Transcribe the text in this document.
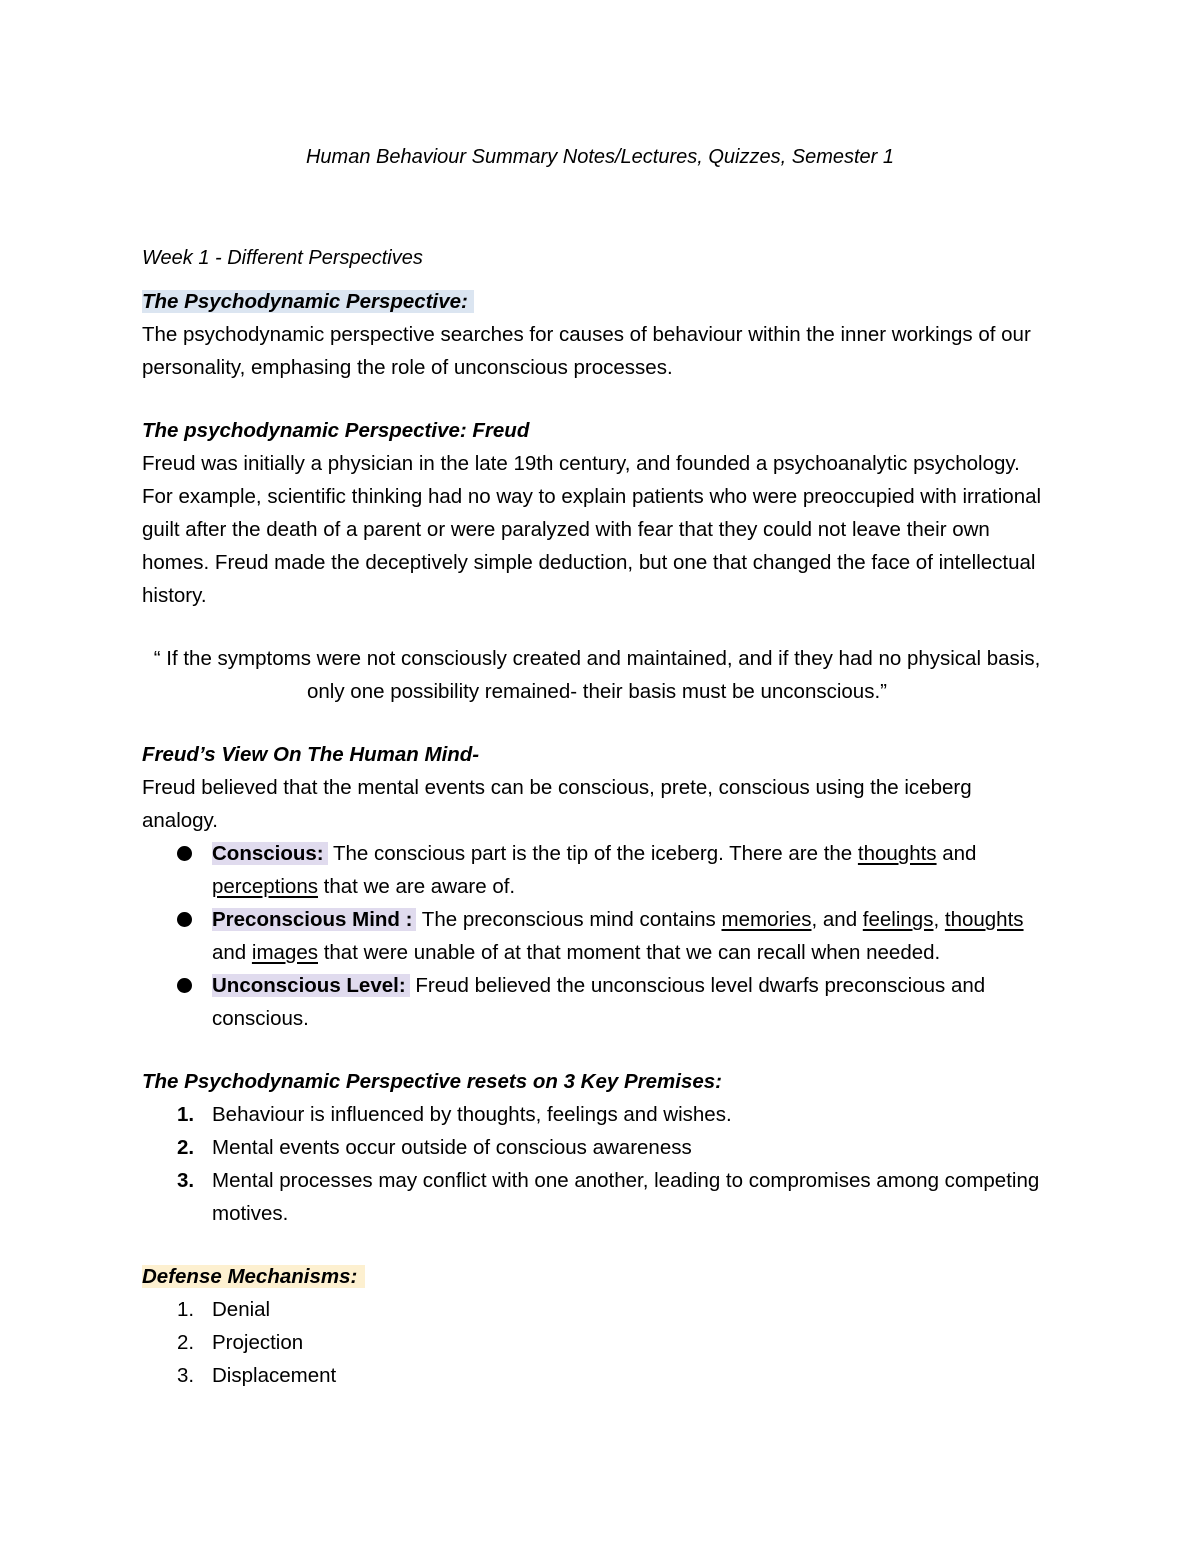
Human Behaviour Summary Notes/Lectures, Quizzes, Semester 1
Week 1 - Different Perspectives

The Psychodynamic Perspective:

The psychodynamic perspective searches for causes of behaviour within the inner workings of our personality, emphasing the role of unconscious processes.

The psychodynamic Perspective: Freud

Freud was initially a physician in the late 19th century, and founded a psychoanalytic psychology. For example, scientific thinking had no way to explain patients who were preoccupied with irrational guilt after the death of a parent or were paralyzed with fear that they could not leave their own homes. Freud made the deceptively simple deduction, but one that changed the face of intellectual history.

“ If the symptoms were not consciously created and maintained, and if they had no physical basis, only one possibility remained- their basis must be unconscious.”

Freud’s View On The Human Mind-

Freud believed that the mental events can be conscious, prete, conscious using the iceberg analogy.

Conscious: The conscious part is the tip of the iceberg. There are the thoughts and perceptions that we are aware of.
Preconscious Mind : The preconscious mind contains memories, and feelings, thoughts and images that were unable of at that moment that we can recall when needed.
Unconscious Level: Freud believed the unconscious level dwarfs preconscious and conscious.

The Psychodynamic Perspective resets on 3 Key Premises:

1. Behaviour is influenced by thoughts, feelings and wishes.
2. Mental events occur outside of conscious awareness
3. Mental processes may conflict with one another, leading to compromises among competing motives.

Defense Mechanisms:

1. Denial
2. Projection
3. Displacement
